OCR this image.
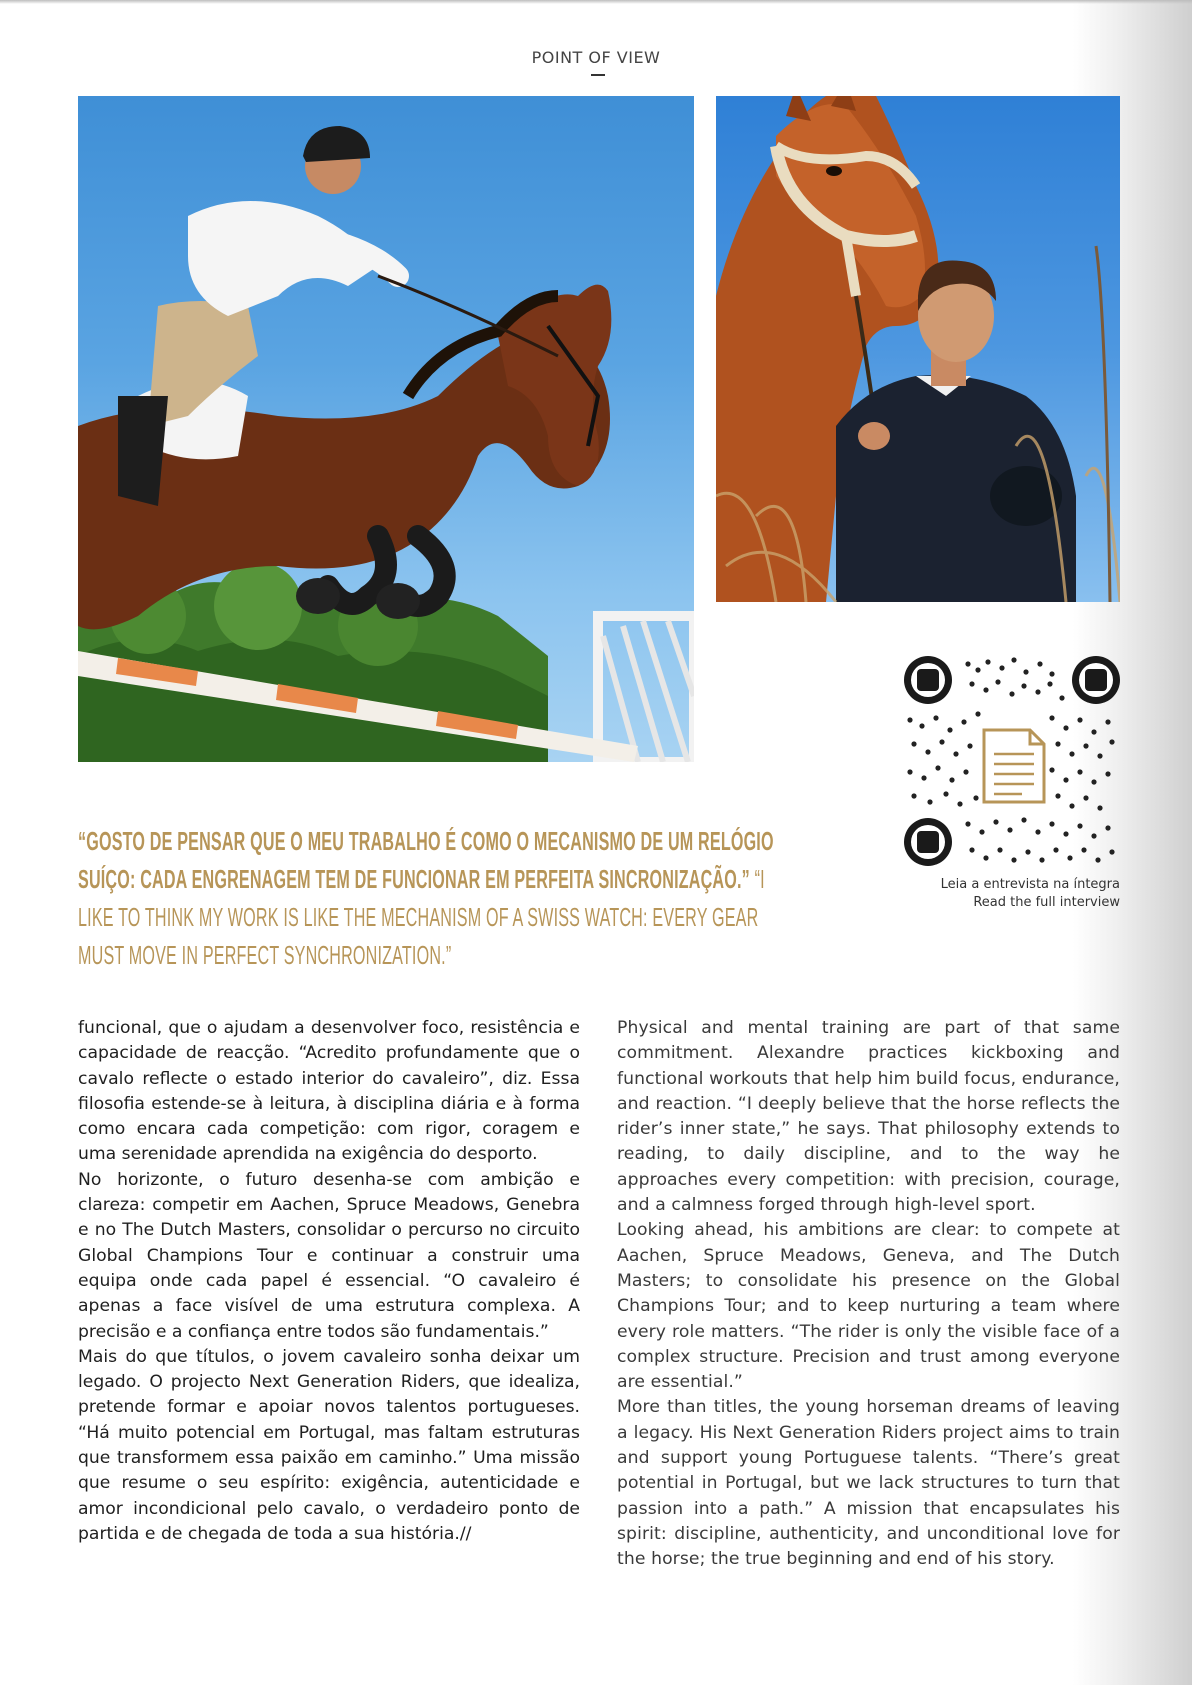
POINT OF VIEW
Leia a entrevista na íntegra
Read the full interview
“GOSTO DE PENSAR QUE O MEU TRABALHO É COMO O MECANISMO DE UM RELÓGIO SUÍÇO: CADA ENGRENAGEM TEM DE FUNCIONAR EM PERFEITA SINCRONIZAÇÃO.” “I LIKE TO THINK MY WORK IS LIKE THE MECHANISM OF A SWISS WATCH: EVERY GEAR MUST MOVE IN PERFECT SYNCHRONIZATION.”

funcional, que o ajudam a desenvolver foco, resistência e capacidade de reacção. “Acredito profundamente que o cavalo reflecte o estado interior do cavaleiro”, diz. Essa filosofia estende-se à leitura, à disciplina diária e à forma como encara cada competição: com rigor, coragem e uma serenidade aprendida na exigência do desporto.

No horizonte, o futuro desenha-se com ambição e clareza: competir em Aachen, Spruce Meadows, Genebra e no The Dutch Masters, consolidar o percurso no circuito Global Champions Tour e continuar a construir uma equipa onde cada papel é essencial. “O cavaleiro é apenas a face visível de uma estrutura complexa. A precisão e a confiança entre todos são fundamentais.”

Mais do que títulos, o jovem cavaleiro sonha deixar um legado. O projecto Next Generation Riders, que idealiza, pretende formar e apoiar novos talentos portugueses. “Há muito potencial em Portugal, mas faltam estruturas que transformem essa paixão em caminho.” Uma missão que resume o seu espírito: exigência, autenticidade e amor incondicional pelo cavalo, o verdadeiro ponto de partida e de chegada de toda a sua história.//

Physical and mental training are part of that same commitment. Alexandre practices kickboxing and functional workouts that help him build focus, endurance, and reaction. “I deeply believe that the horse reflects the rider’s inner state,” he says. That philosophy extends to reading, to daily discipline, and to the way he approaches every competition: with precision, courage, and a calmness forged through high-level sport.

Looking ahead, his ambitions are clear: to compete at Aachen, Spruce Meadows, Geneva, and The Dutch Masters; to consolidate his presence on the Global Champions Tour; and to keep nurturing a team where every role matters. “The rider is only the visible face of a complex structure. Precision and trust among everyone are essential.”

More than titles, the young horseman dreams of leaving a legacy. His Next Generation Riders project aims to train and support young Portuguese talents. “There’s great potential in Portugal, but we lack structures to turn that passion into a path.” A mission that encapsulates his spirit: discipline, authenticity, and unconditional love for the horse; the true beginning and end of his story.
